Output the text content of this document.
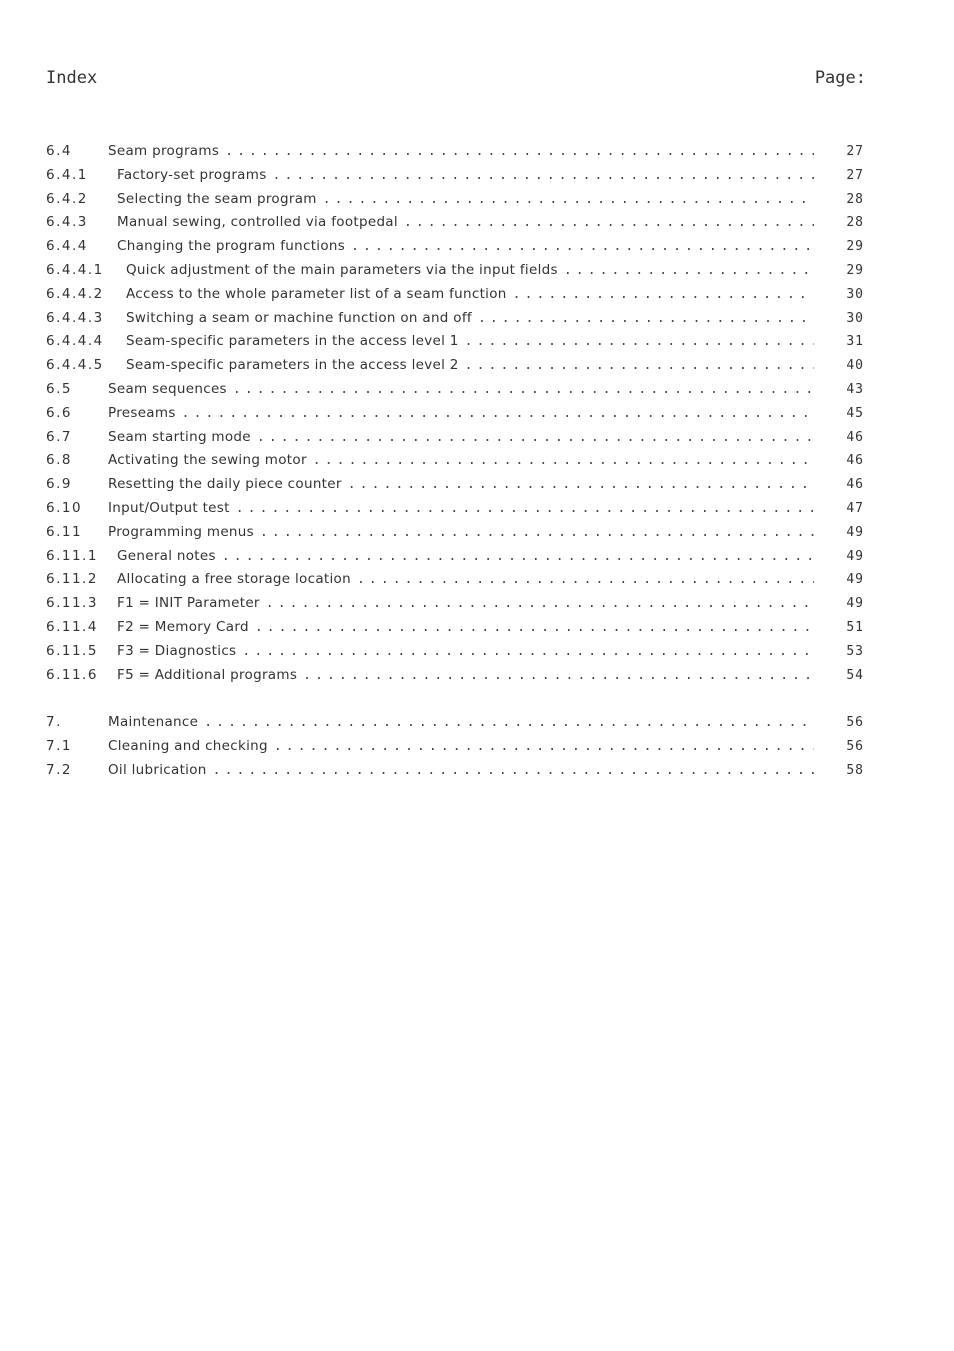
Index	Page:
6.4	Seam programs .....	27
6.4.1 Factory-set programs .....	27
6.4.2 Selecting the seam program .....	28
6.4.3 Manual sewing, controlled via footpedal .....	28
6.4.4 Changing the program functions .....	29
6.4.4.1 Quick adjustment of the main parameters via the input fields .....	29
6.4.4.2 Access to the whole parameter list of a seam function .....	30
6.4.4.3 Switching a seam or machine function on and off .....	30
6.4.4.4 Seam-specific parameters in the access level 1 .....	31
6.4.4.5 Seam-specific parameters in the access level 2 .....	40
6.5	Seam sequences .....	43
6.6	Preseams .....	45
6.7	Seam starting mode .....	46
6.8	Activating the sewing motor .....	46
6.9	Resetting the daily piece counter .....	46
6.10 Input/Output test .....	47
6.11 Programming menus .....	49
6.11.1 General notes .....	49
6.11.2 Allocating a free storage location .....	49
6.11.3 F1 = INIT Parameter .....	49
6.11.4 F2 = Memory Card .....	51
6.11.5 F3 = Diagnostics .....	53
6.11.6 F5 = Additional programs .....	54
7.	Maintenance .....	56
7.1	Cleaning and checking .....	56
7.2	Oil lubrication .....	58
